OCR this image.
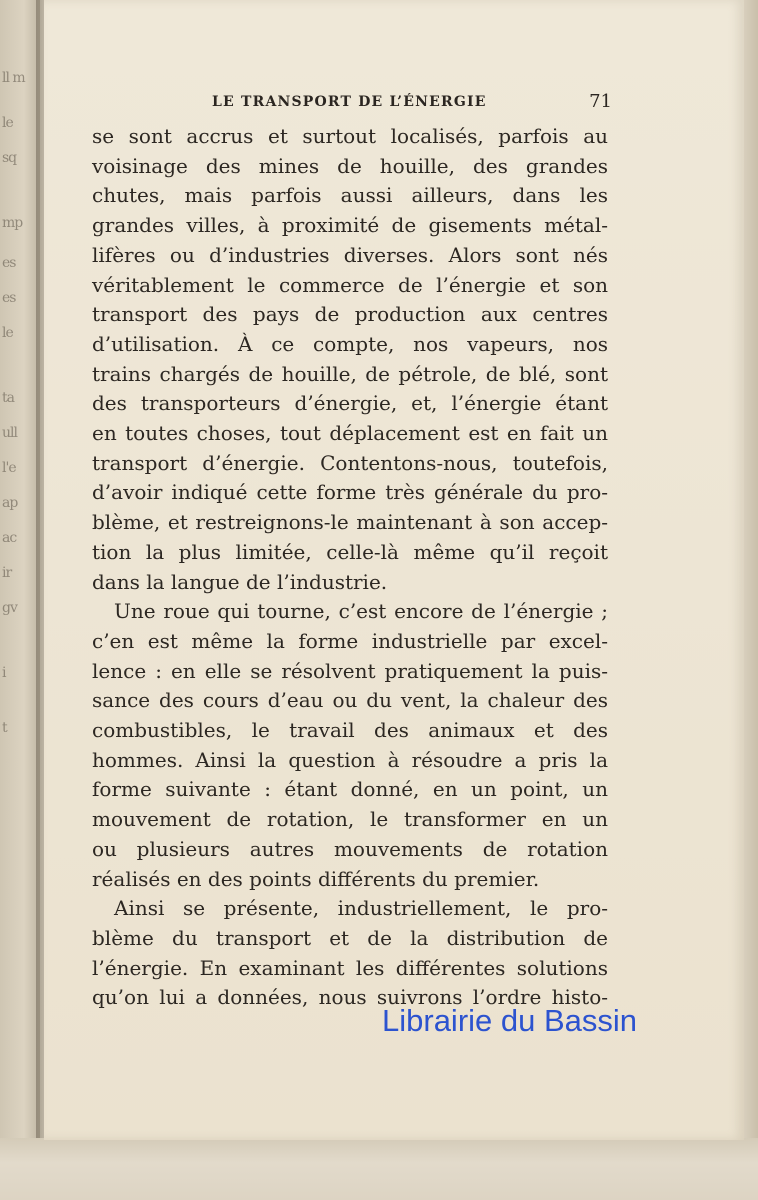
ll m
le
sq
mp
es
es
le
ta
ull
l'e
ap
ac
ir
gv
i
t
LE TRANSPORT DE L’ÉNERGIE	71
se sont accrus et surtout localisés, parfois au
voisinage des mines de houille, des grandes
chutes, mais parfois aussi ailleurs, dans les
grandes villes, à proximité de gisements métal-
lifères ou d’industries diverses. Alors sont nés
véritablement le commerce de l’énergie et son
transport des pays de production aux centres
d’utilisation. À ce compte, nos vapeurs, nos
trains chargés de houille, de pétrole, de blé, sont
des transporteurs d’énergie, et, l’énergie étant
en toutes choses, tout déplacement est en fait un
transport d’énergie. Contentons-nous, toutefois,
d’avoir indiqué cette forme très générale du pro-
blème, et restreignons-le maintenant à son accep-
tion la plus limitée, celle-là même qu’il reçoit
dans la langue de l’industrie.
Une roue qui tourne, c’est encore de l’énergie ;
c’en est même la forme industrielle par excel-
lence : en elle se résolvent pratiquement la puis-
sance des cours d’eau ou du vent, la chaleur des
combustibles, le travail des animaux et des
hommes. Ainsi la question à résoudre a pris la
forme suivante : étant donné, en un point, un
mouvement de rotation, le transformer en un
ou plusieurs autres mouvements de rotation
réalisés en des points différents du premier.
Ainsi se présente, industriellement, le pro-
blème du transport et de la distribution de
l’énergie. En examinant les différentes solutions
qu’on lui a données, nous suivrons l’ordre histo-
Librairie du Bassin
